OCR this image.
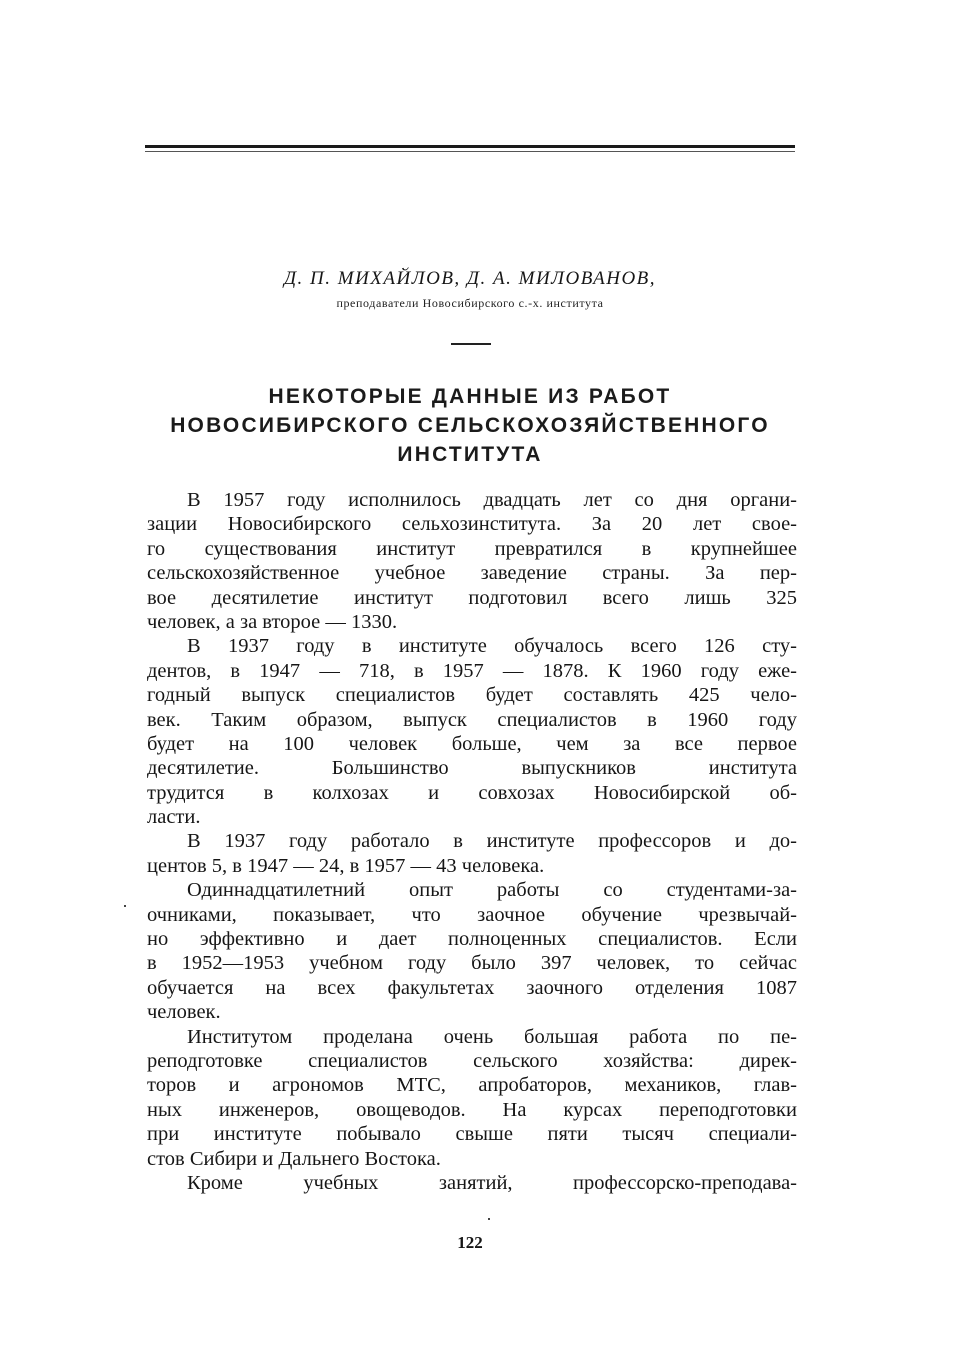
Д. П. МИХАЙЛОВ, Д. А. МИЛОВАНОВ,
преподаватели Новосибирского с.-х. института
НЕКОТОРЫЕ ДАННЫЕ ИЗ РАБОТ
НОВОСИБИРСКОГО СЕЛЬСКОХОЗЯЙСТВЕННОГО
ИНСТИТУТА
В 1957 году исполнилось двадцать лет со дня органи-
зации Новосибирского сельхозинститута. За 20 лет свое-
го существования институт превратился в крупнейшее
сельскохозяйственное учебное заведение страны. За пер-
вое десятилетие институт подготовил всего лишь 325
человек, а за второе — 1330.
В 1937 году в институте обучалось всего 126 сту-
дентов, в 1947 — 718, в 1957 — 1878. К 1960 году еже-
годный выпуск специалистов будет составлять 425 чело-
век. Таким образом, выпуск специалистов в 1960 году
будет на 100 человек больше, чем за все первое
десятилетие. Большинство выпускников института
трудится в колхозах и совхозах Новосибирской об-
ласти.
В 1937 году работало в институте профессоров и до-
центов 5, в 1947 — 24, в 1957 — 43 человека.
Одиннадцатилетний опыт работы со студентами-за-
очниками, показывает, что заочное обучение чрезвычай-
но эффективно и дает полноценных специалистов. Если
в 1952—1953 учебном году было 397 человек, то сейчас
обучается на всех факультетах заочного отделения 1087
человек.
Институтом проделана очень большая работа по пе-
реподготовке специалистов сельского хозяйства: дирек-
торов и агрономов МТС, апробаторов, механиков, глав-
ных инженеров, овощеводов. На курсах переподготовки
при институте побывало свыше пяти тысяч специали-
стов Сибири и Дальнего Востока.
Кроме учебных занятий, профессорско-преподава-
122
